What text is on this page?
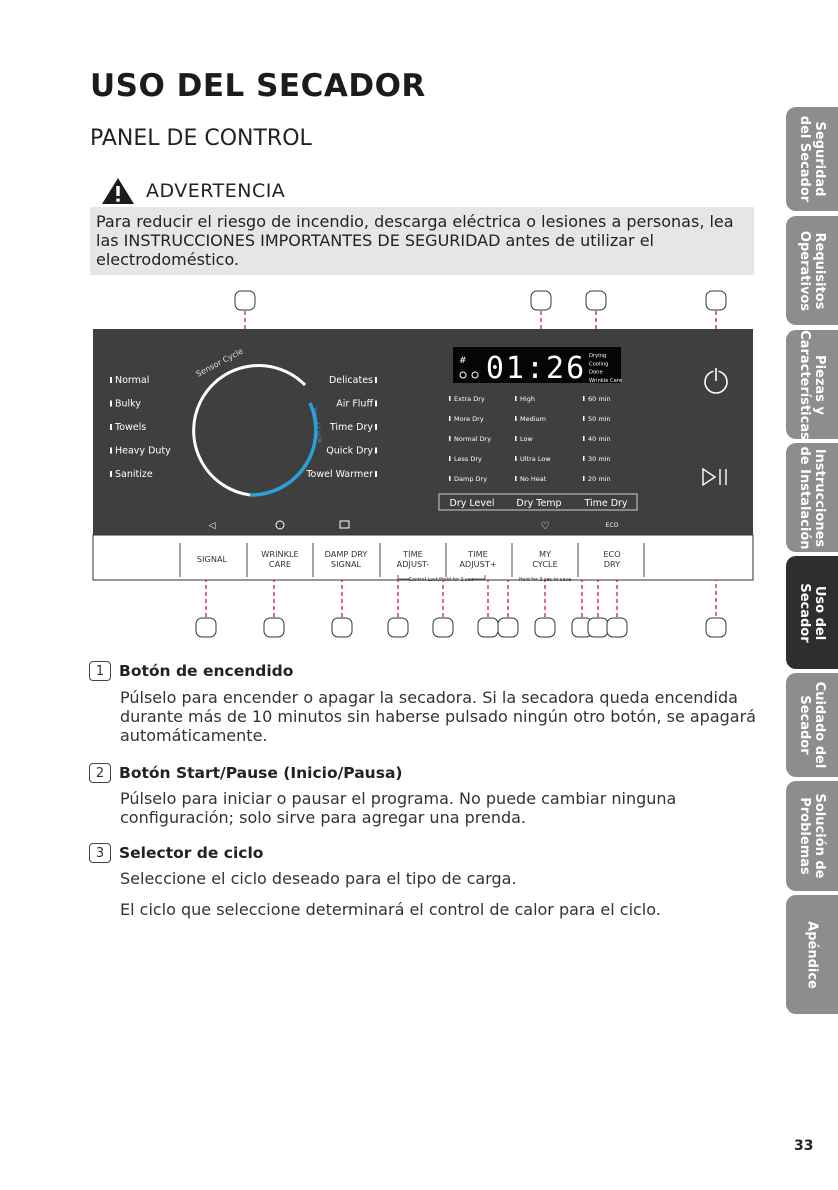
USO DEL SECADOR
PANEL DE CONTROL
ADVERTENCIA
Para reducir el riesgo de incendio, descarga eléctrica o lesiones a personas, lea las INSTRUCCIONES IMPORTANTES DE SEGURIDAD antes de utilizar el electrodoméstico.
Sensor Cycle
Timed Cycle
Normal
Bulky
Towels
Heavy Duty
Sanitize
Delicates
Air Fluff
Time Dry
Quick Dry
Towel Warmer
01:26
#	Drying
Cooling
Done
Wrinkle Care
Extra Dry
More Dry
Normal Dry
Less Dry
Damp Dry
High
Medium
Low
Ultra Low
No Heat
60 min
50 min
40 min
30 min
20 min
Dry Level Dry Temp Time Dry
◁	♡	ECO
SIGNAL	WRINKLE
CARE
DAMP DRY
SIGNAL
TIME
ADJUST-
TIME
ADJUST+
MY
CYCLE
ECO
DRY
Control Lock/Hold for 3 sec	Hold for 3 sec to save
Seguridad
del Secador
Requisitos
Operativos
Piezas y
Características
Instrucciones
de Instalación
Uso del
Secador
Cuidado del
Secador
Solución de
Problemas
Apéndice
1 Botón de encendido
Púlselo para encender o apagar la secadora. Si la secadora queda encendida durante más de 10 minutos sin haberse pulsado ningún otro botón, se apagará automáticamente.
2 Botón Start/Pause (Inicio/Pausa)
Púlselo para iniciar o pausar el programa. No puede cambiar ninguna configuración; solo sirve para agregar una prenda.
3 Selector de ciclo
Seleccione el ciclo deseado para el tipo de carga.
El ciclo que seleccione determinará el control de calor para el ciclo.
33
